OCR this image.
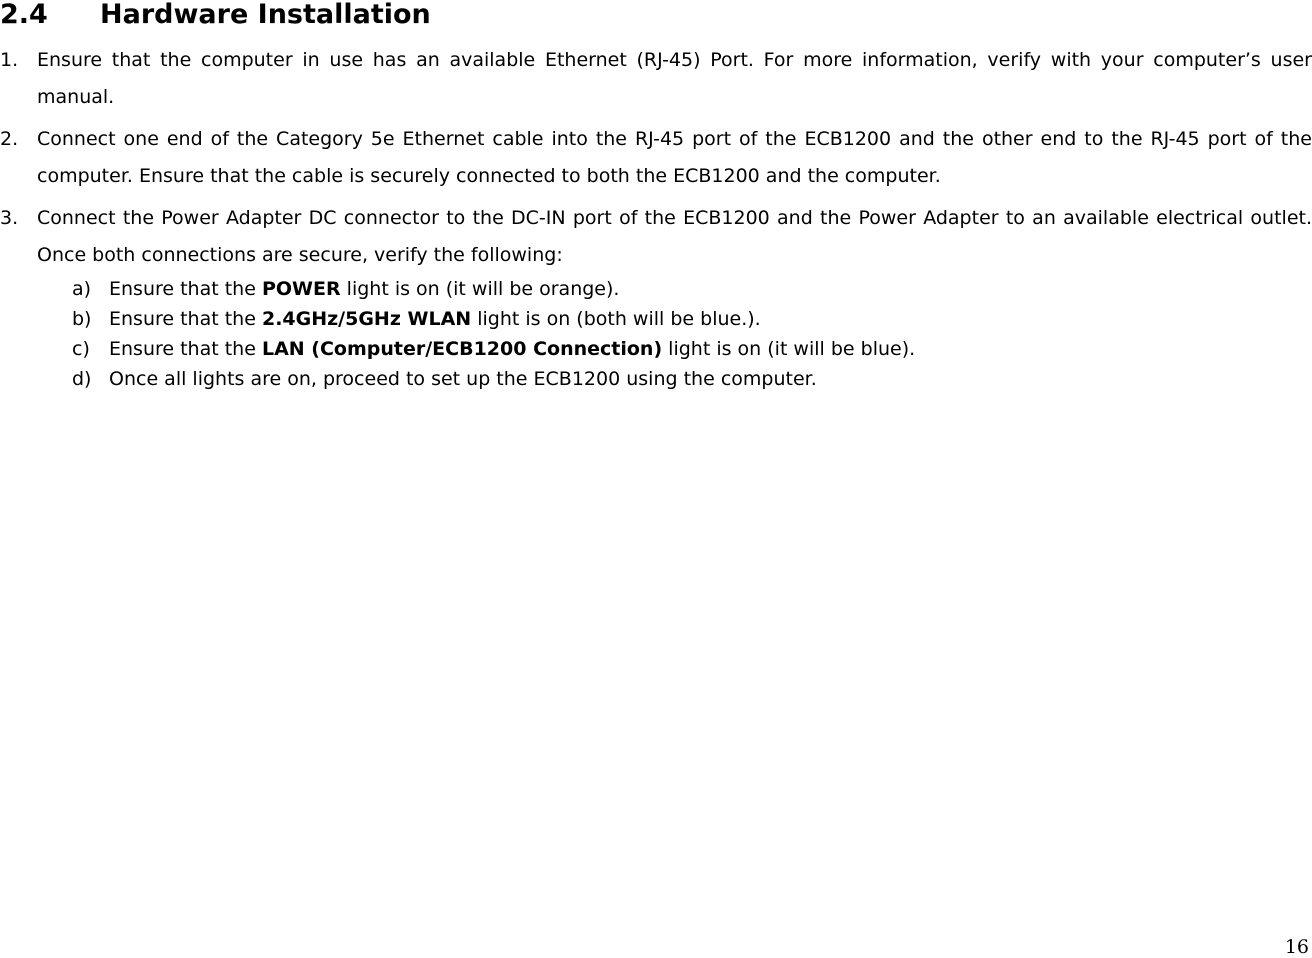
2.4 Hardware Installation
1. Ensure that the computer in use has an available Ethernet (RJ-45) Port. For more information, verify with your computer’s user manual.
2. Connect one end of the Category 5e Ethernet cable into the RJ-45 port of the ECB1200 and the other end to the RJ-45 port of the computer. Ensure that the cable is securely connected to both the ECB1200 and the computer.
3. Connect the Power Adapter DC connector to the DC-IN port of the ECB1200 and the Power Adapter to an available electrical outlet. Once both connections are secure, verify the following:
a) Ensure that the POWER light is on (it will be orange).
b) Ensure that the 2.4GHz/5GHz WLAN light is on (both will be blue.).
c) Ensure that the LAN (Computer/ECB1200 Connection) light is on (it will be blue).
d) Once all lights are on, proceed to set up the ECB1200 using the computer.
16
